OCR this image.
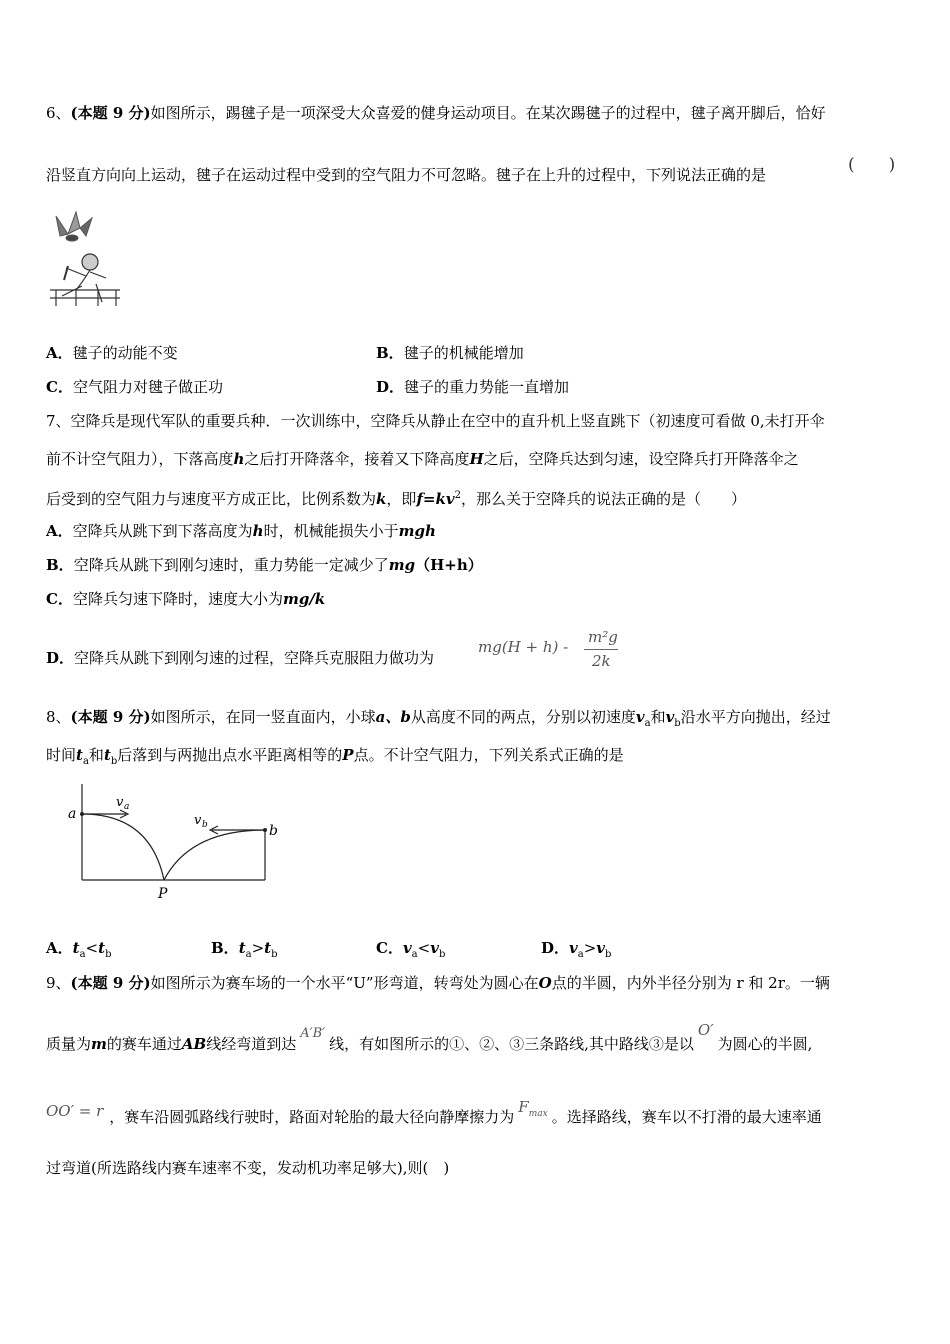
6、(本题 9 分)如图所示，踢毽子是一项深受大众喜爱的健身运动项目。在某次踢毽子的过程中，毽子离开脚后，恰好
沿竖直方向向上运动，毽子在运动过程中受到的空气阻力不可忽略。毽子在上升的过程中，下列说法正确的是	(　　)
A．毽子的动能不变	B．毽子的机械能增加
C．空气阻力对毽子做正功	D．毽子的重力势能一直增加
7、空降兵是现代军队的重要兵种．一次训练中，空降兵从静止在空中的直升机上竖直跳下（初速度可看做 0,未打开伞
前不计空气阻力），下落高度h之后打开降落伞，接着又下降高度H之后，空降兵达到匀速，设空降兵打开降落伞之
后受到的空气阻力与速度平方成正比，比例系数为k，即$f=kv^2$，那么关于空降兵的说法正确的是（　　）
A．空降兵从跳下到下落高度为h时，机械能损失小于mgh
B．空降兵从跳下到刚匀速时，重力势能一定减少了mg（H+h）
C．空降兵匀速下降时，速度大小为mg/k
D．空降兵从跳下到刚匀速的过程，空降兵克服阻力做功为
mg(H + h) -
m²g
2k
8、(本题 9 分)如图所示，在同一竖直面内，小球a、b从高度不同的两点，分别以初速度$v_a$和$v_b$沿水平方向抛出，经过
时间$t_a$和$t_b$后落到与两抛出点水平距离相等的P点。不计空气阻力，下列关系式正确的是
a
b
v a
v b
P
A．$t_a<t_b$	B．$t_a>t_b$	C．$v_a<v_b$	D．$v_a>v_b$
9、(本题 9 分)如图所示为赛车场的一个水平“U”形弯道，转弯处为圆心在O点的半圆，内外半径分别为 r 和 2r。一辆
质量为m的赛车通过AB线经弯道到达A′B′线，有如图所示的①、②、③三条路线,其中路线③是以O′为圆心的半圆,
OO′ = r ，赛车沿圆弧路线行驶时，路面对轮胎的最大径向静摩擦力为$F_{max}$ 。选择路线，赛车以不打滑的最大速率通
过弯道(所选路线内赛车速率不变，发动机功率足够大),则(　)
